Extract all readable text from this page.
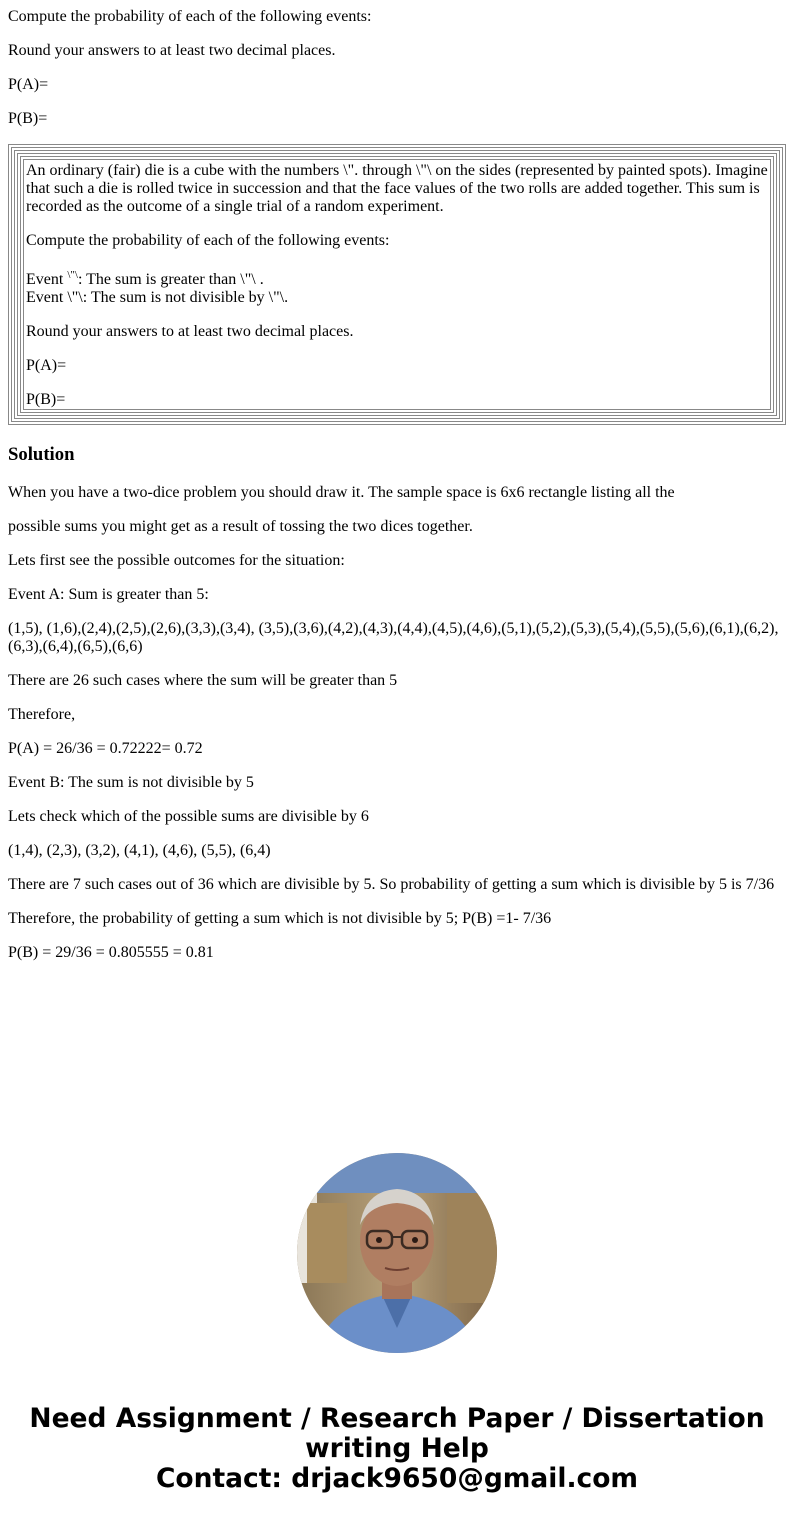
Compute the probability of each of the following events:

Round your answers to at least two decimal places.

P(A)=

P(B)=

An ordinary (fair) die is a cube with the numbers \". through \"\ on the sides (represented by painted spots). Imagine that such a die is rolled twice in succession and that the face values of the two rolls are added together. This sum is recorded as the outcome of a single trial of a random experiment.

Compute the probability of each of the following events:

Event \"\: The sum is greater than \"\ .

Event \"\: The sum is not divisible by \"\.

Round your answers to at least two decimal places.

P(A)=

P(B)=

Solution

When you have a two-dice problem you should draw it. The sample space is 6x6 rectangle listing all the

possible sums you might get as a result of tossing the two dices together.

Lets first see the possible outcomes for the situation:

Event A: Sum is greater than 5:

(1,5), (1,6),(2,4),(2,5),(2,6),(3,3),(3,4), (3,5),(3,6),(4,2),(4,3),(4,4),(4,5),(4,6),(5,1),(5,2),(5,3),(5,4),(5,5),(5,6),(6,1),(6,2),(6,3),(6,4),(6,5),(6,6)

There are 26 such cases where the sum will be greater than 5

Therefore,

P(A) = 26/36 = 0.72222= 0.72

Event B: The sum is not divisible by 5

Lets check which of the possible sums are divisible by 6

(1,4), (2,3), (3,2), (4,1), (4,6), (5,5), (6,4)

There are 7 such cases out of 36 which are divisible by 5. So probability of getting a sum which is divisible by 5 is 7/36

Therefore, the probability of getting a sum which is not divisible by 5; P(B) =1- 7/36

P(B) = 29/36 = 0.805555 = 0.81

Need Assignment / Research Paper / Dissertation
writing Help
Contact: drjack9650@gmail.com
